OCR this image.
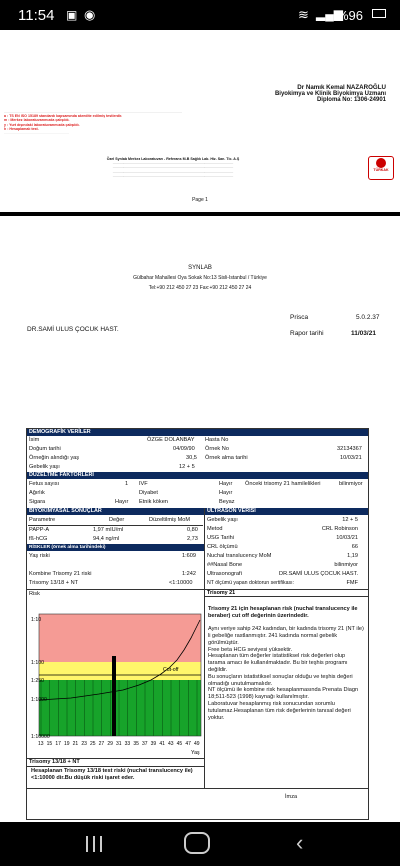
11:54 ▣ ◉	≋ ▂▄▆
%96
Dr Namık Kemal NAZAROĞLU
Biyokimya ve Klinik Biyokimya Uzmanı
Diploma No: 1306-24901
..................................................................................................................................................................................
a : TS EN ISO 15189 standardı kapsamında akredite edilmiş testlerdir.
m : Merkez laboratuvarımızda çalışıldı.
y : Yurt dışındaki laboratuvarımızda çalışıldı.
h : Hesaplamalı test.
.................................................................
Özel Synlab Merkez Laboratuvarı - Referans M-B Sağlık Lab. Hiz. San. Tic. A.Ş
.........................................................................................................................
.........................................................................................................................
.........................................................................................................................
.........................................................................................................................
TÜRKAK
Page 1
SYNLAB
Gülbahar Mahallesi Oya Sokak No:13 Sisli-Istanbul / Türkiye
Tel:+90 212 450 27 23 Fax:+90 212 450 27 24
Prisca	5.0.2.37
Rapor tarihi	11/03/21
DR.SAMİ ULUS ÇOCUK HAST.
DEMOGRAFİK VERİLER
İsim	ÖZGE DOLANBAY Hasta No
Doğum tarihi	04/09/90 Örnek No	32134367
Örneğin alındığı yaş	30,5 Örnek alma tarihi	10/03/21
Gebelik yaşı	12 + 5
DÜZELTME FAKTÖRLERİ
Fetus sayısı	1 IVF	Hayır Önceki trisomy 21 hamilelikleri	bilinmiyor
Ağırlık	Diyabet	Hayır
Sigara	Hayır Etnik köken	Beyaz
BİYOKİMYASAL SONUÇLAR
Parametre	Değer	Düzeltilmiş MoM
PAPP-A	1,97 mIU/ml	0,80
fß-hCG	94,4 ng/ml	2,73
RİSKLER (örnek alma tarihindeki)
Yaş riski	1:609
Kombine Trisomy 21 riski	1:242
Trisomy 13/18 + NT	<1:10000
ULTRASON VERİSİ
Gebelik yaşı	12 + 5
Metod	CRL Robinson
USG Tarihi	10/03/21
CRL ölçümü	66
Nuchal translucency MoM	1,19
##Nasal Bone	bilinmiyor
Ultrasonografi	DR.SAMİ ULUS ÇOCUK HAST.
NT ölçümü yapan doktorun sertifikası:	FMF
Risk
Cut-off
13 15 17 19 21 23 25 27 29 31 33 35 37 39 41 43 45 47 49
1:10
1:100
1:250
1:1000
1:10000
Yaş
Trisomy 21

Trisomy 21 için hesaplanan risk (nuchal translucency ile beraber) cut off değerinin üzerindedir.

Aynı veriye sahip 242 kadından, bir kadında trisomy 21 (NT ile) li gebeliğe rastlanmıştır. 241 kadında normal gebelik görülmüştür.
Free beta HCG seviyesi yüksektir.
Hesaplanan tüm değerler istatistiksel risk değerleri olup tarama amacı ile kullanılmaktadır. Bu bir teşhis programı değildir.
Bu sonuçların istatistiksel sonuçlar olduğu ve teşhis değeri olmadığı unutulmamalıdır.
NT ölçümü ile kombine risk hesaplanmasında Prenata Diagn 18;511-523 (1998) kaynağı kullanılmıştır.
Laboratuvar hesaplanmış risk sonucundan sorumlu tutulamaz.Hesaplanan tüm risk değerlerinin tanısal değeri yoktur.

Trisomy 13/18 + NT
Hesaplanan Trisomy 13/18 test riski (nuchal translucency ile) <1:10000 dir.Bu düşük riski işaret eder.
İmza
‹
